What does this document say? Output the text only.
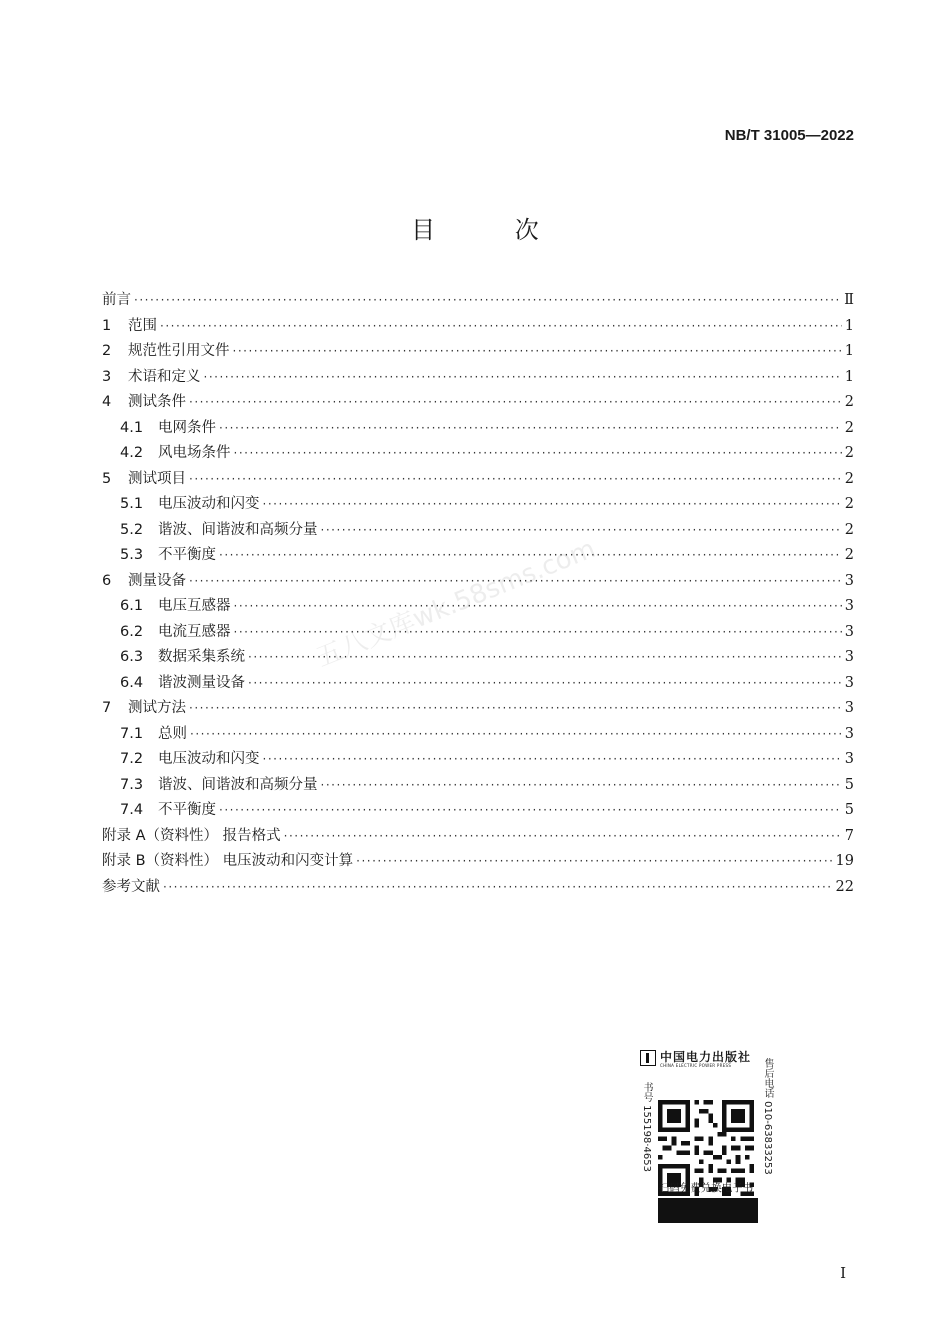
NB/T 31005—2022
目 次
前言 ·····	Ⅱ
1	范围 ·····	1
2	规范性引用文件 ·····	1
3	术语和定义 ·····	1
4	测试条件 ·····	2
4.1	电网条件 ·····	2
4.2	风电场条件 ·····	2
5	测试项目 ·····	2
5.1	电压波动和闪变 ·····	2
5.2	谐波、间谐波和高频分量 ·····	2
5.3	不平衡度 ·····	2
6	测量设备 ·····	3
6.1	电压互感器 ·····	3
6.2	电流互感器 ·····	3
6.3	数据采集系统 ·····	3
6.4	谐波测量设备 ·····	3
7	测试方法 ·····	3
7.1	总则 ·····	3
7.2	电压波动和闪变 ·····	3
7.3	谐波、间谐波和高频分量 ·····	5
7.4	不平衡度 ·····	5
附录 A（资料性） 报告格式 ·····	7
附录 B（资料性） 电压波动和闪变计算 ·····	19
参考文献 ·····	22
五八文库wk.58sms.com
中国电力出版社
CHINA ELECTRIC POWER PRESS
书号 155198·4653	售后电话 010-63833253
扫码免费兑换电子书
I
